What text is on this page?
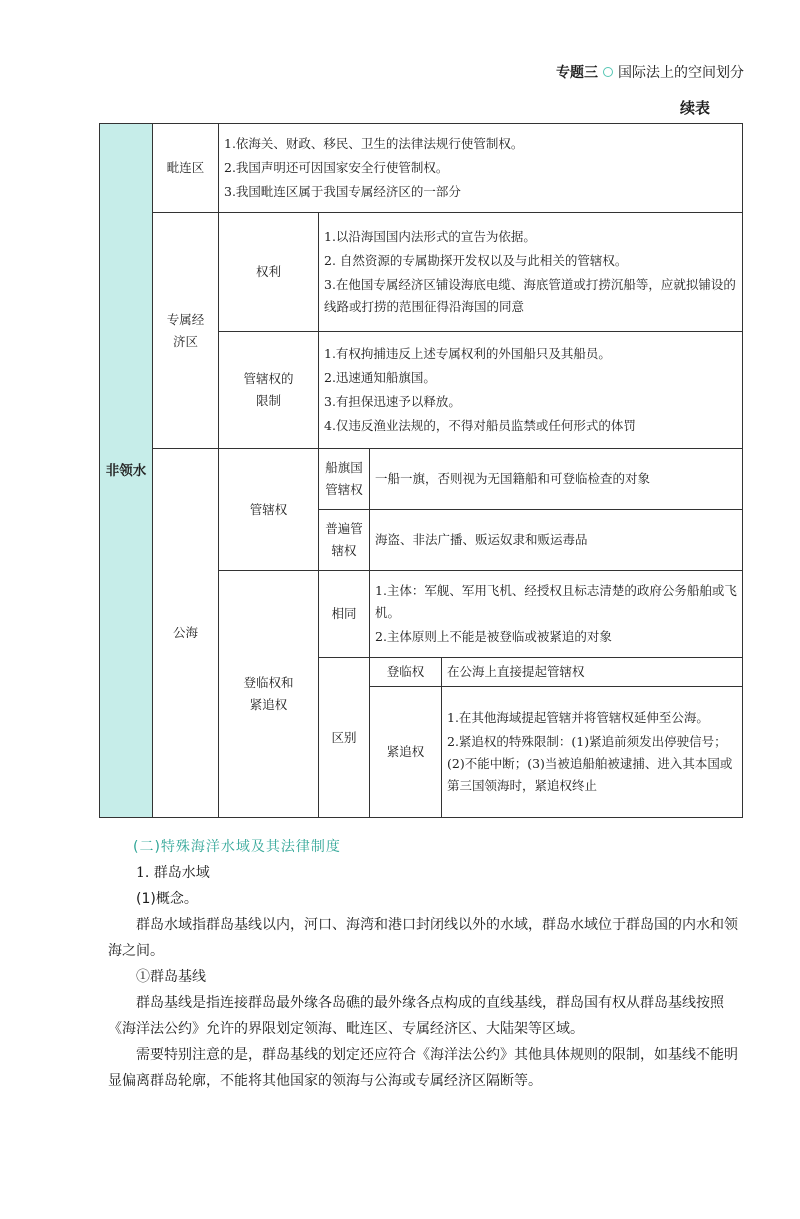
专题三 国际法上的空间划分
续表
非领水	毗连区	1.依海关、财政、移民、卫生的法律法规行使管制权。
2.我国声明还可因国家安全行使管制权。
3.我国毗连区属于我国专属经济区的一部分			

	专属经济区	权利	1.以沿海国国内法形式的宣告为依据。
2. 自然资源的专属勘探开发权以及与此相关的管辖权。
3.在他国专属经济区铺设海底电缆、海底管道或打捞沉船等，应就拟铺设的线路或打捞的范围征得沿海国的同意		

		管辖权的限制	1.有权拘捕违反上述专属权利的外国船只及其船员。
2.迅速通知船旗国。
3.有担保迅速予以释放。
4.仅违反渔业法规的，不得对船员监禁或任何形式的体罚		

	公海	管辖权	船旗国管辖权	一船一旗，否则视为无国籍船和可登临检查的对象	
			普遍管辖权	海盗、非法广播、贩运奴隶和贩运毒品	
		登临权和紧追权	相同	1.主体：军舰、军用飞机、经授权且标志清楚的政府公务船舶或飞机。
2.主体原则上不能是被登临或被紧追的对象	

			区别	登临权	在公海上直接提起管辖权
				紧追权	1.在其他海域提起管辖并将管辖权延伸至公海。
2.紧追权的特殊限制：(1)紧追前须发出停驶信号；(2)不能中断；(3)当被追船舶被逮捕、进入其本国或第三国领海时，紧追权终止
(二)特殊海洋水域及其法律制度

1. 群岛水域

(1)概念。

群岛水域指群岛基线以内，河口、海湾和港口封闭线以外的水域，群岛水域位于群岛国的内水和领海之间。

①群岛基线

群岛基线是指连接群岛最外缘各岛礁的最外缘各点构成的直线基线，群岛国有权从群岛基线按照《海洋法公约》允许的界限划定领海、毗连区、专属经济区、大陆架等区域。

需要特别注意的是，群岛基线的划定还应符合《海洋法公约》其他具体规则的限制，如基线不能明显偏离群岛轮廓，不能将其他国家的领海与公海或专属经济区隔断等。
